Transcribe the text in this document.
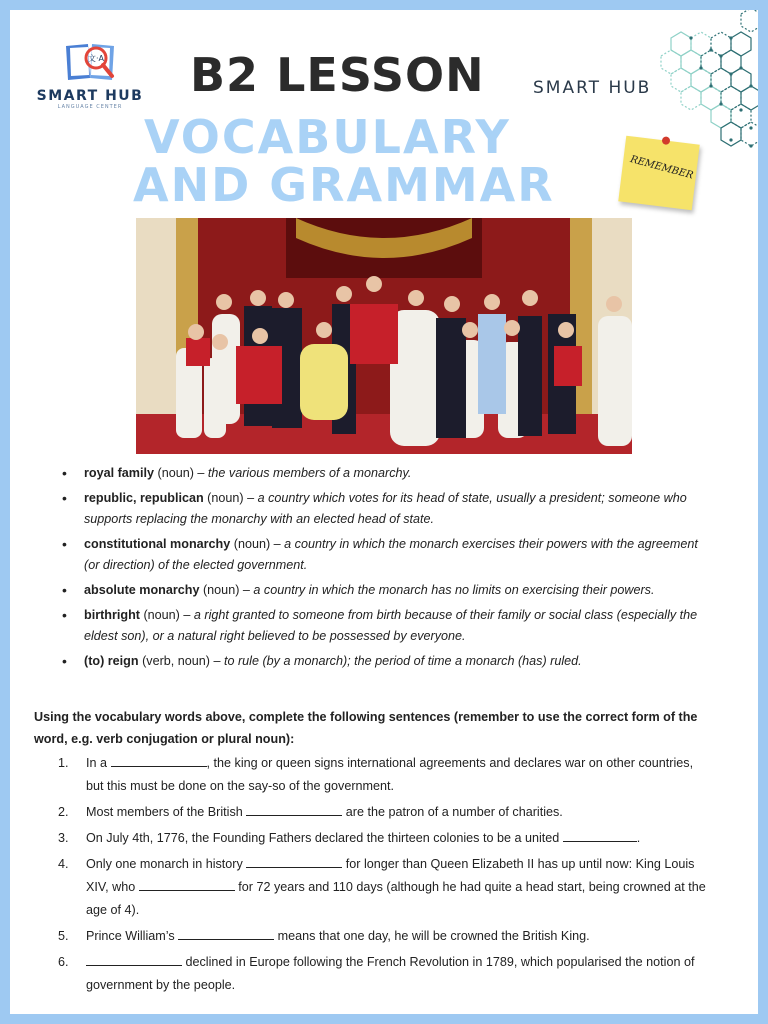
文·A
SMART HUB
LANGUAGE CENTER
B2 LESSON	SMART HUB
VOCABULARY
AND GRAMMAR	REMEMBER
• royal family (noun) – the various members of a monarchy.
• republic, republican (noun) – a country which votes for its head of state, usually a president; someone who supports replacing the monarchy with an elected head of state.
• constitutional monarchy (noun) – a country in which the monarch exercises their powers with the agreement (or direction) of the elected government.
• absolute monarchy (noun) – a country in which the monarch has no limits on exercising their powers.
• birthright (noun) – a right granted to someone from birth because of their family or social class (especially the eldest son), or a natural right believed to be possessed by everyone.
• (to) reign (verb, noun) – to rule (by a monarch); the period of time a monarch (has) ruled.
Using the vocabulary words above, complete the following sentences (remember to use the correct form of the word, e.g. verb conjugation or plural noun):
1. In a	, the king or queen signs international agreements and declares war on other countries, but this must be done on the say-so of the government.
2. Most members of the British	are the patron of a number of charities.
3. On July 4th, 1776, the Founding Fathers declared the thirteen colonies to be a united	.
4. Only one monarch in history	for longer than Queen Elizabeth II has up until now: King Louis XIV, who	for 72 years and 110 days (although he had quite a head start, being crowned at the age of 4).
5. Prince William’s	means that one day, he will be crowned the British King.
6.	declined in Europe following the French Revolution in 1789, which popularised the notion of government by the people.
